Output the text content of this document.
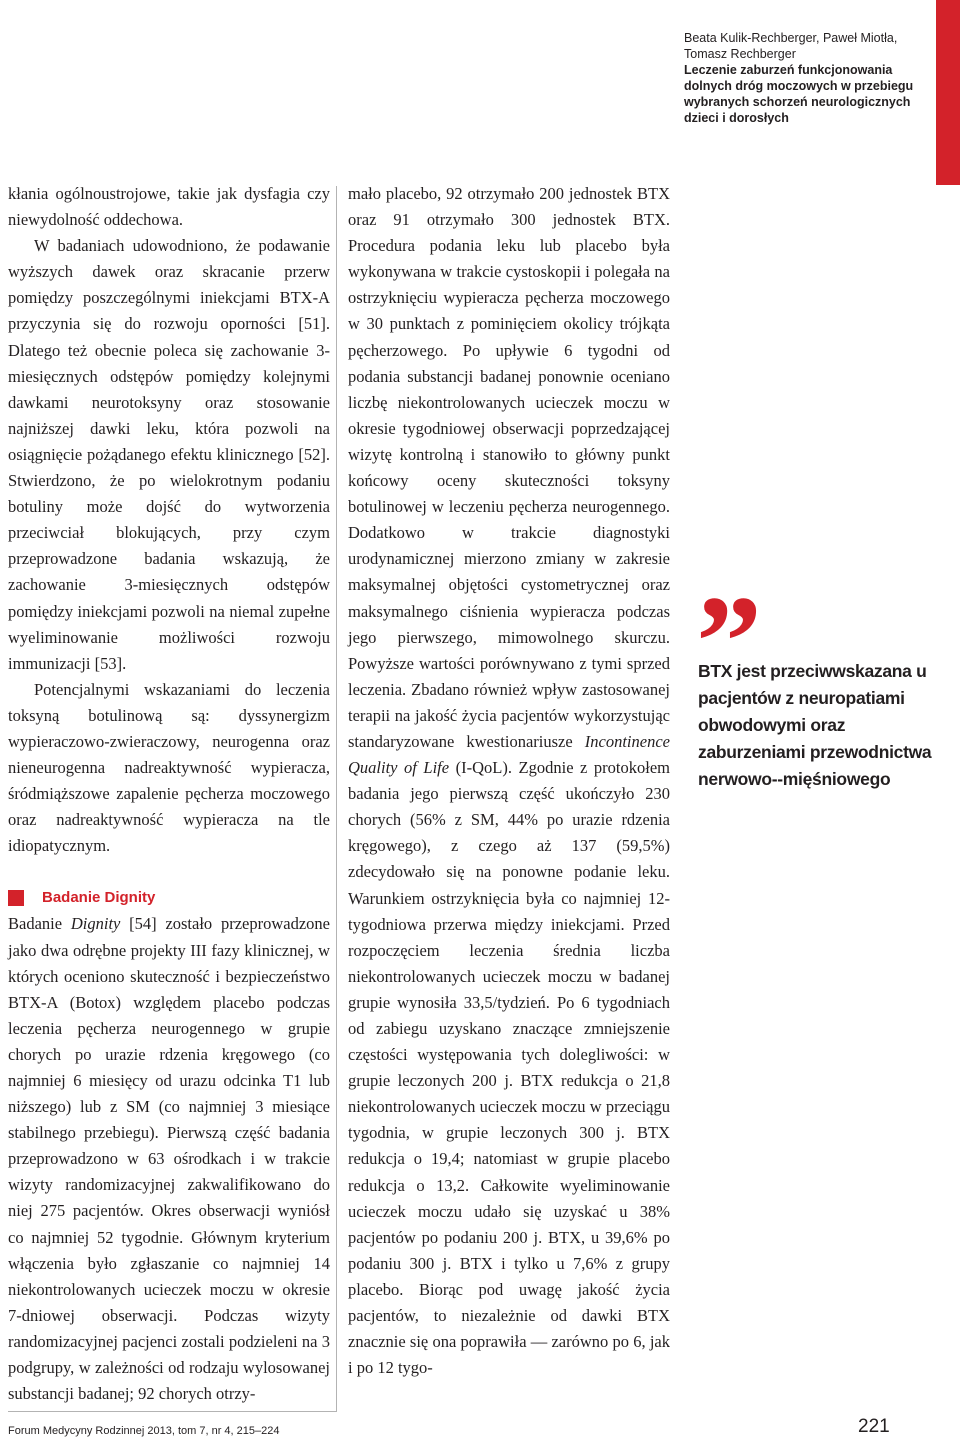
Beata Kulik-Rechberger, Paweł Miotła,
Tomasz Rechberger
Leczenie zaburzeń funkcjonowania
dolnych dróg moczowych w przebiegu
wybranych schorzeń neurologicznych
dzieci i dorosłych

kłania ogólnoustrojowe, takie jak dysfagia czy niewydolność oddechowa.

W badaniach udowodniono, że podawanie wyższych dawek oraz skracanie przerw pomiędzy poszczególnymi iniekcjami BTX-A przyczynia się do rozwoju oporności [51]. Dlatego też obecnie poleca się zachowanie 3-miesięcznych odstępów pomiędzy kolejnymi dawkami neurotoksyny oraz stosowanie najniższej dawki leku, która pozwoli na osiągnięcie pożądanego efektu klinicznego [52]. Stwierdzono, że po wielokrotnym podaniu botuliny może dojść do wytworzenia przeciwciał blokujących, przy czym przeprowadzone badania wskazują, że zachowanie 3-miesięcznych odstępów pomiędzy iniekcjami pozwoli na niemal zupełne wyeliminowanie możliwości rozwoju immunizacji [53].

Potencjalnymi wskazaniami do leczenia toksyną botulinową są: dyssynergizm wypieraczowo-zwieraczowy, neurogenna oraz nieneurogenna nadreaktywność wypieracza, śródmiąższowe zapalenie pęcherza moczowego oraz nadreaktywność wypieracza na tle idiopatycznym.

Badanie Dignity

Badanie Dignity [54] zostało przeprowadzone jako dwa odrębne projekty III fazy klinicznej, w których oceniono skuteczność i bezpieczeństwo BTX-A (Botox) względem placebo podczas leczenia pęcherza neurogennego w grupie chorych po urazie rdzenia kręgowego (co najmniej 6 miesięcy od urazu odcinka T1 lub niższego) lub z SM (co najmniej 3 miesiące stabilnego przebiegu). Pierwszą część badania przeprowadzono w 63 ośrodkach i w trakcie wizyty randomizacyjnej zakwalifikowano do niej 275 pacjentów. Okres obserwacji wyniósł co najmniej 52 tygodnie. Głównym kryterium włączenia było zgłaszanie co najmniej 14 niekontrolowanych ucieczek moczu w okresie 7-dniowej obserwacji. Podczas wizyty randomizacyjnej pacjenci zostali podzieleni na 3 podgrupy, w zależności od rodzaju wylosowanej substancji badanej; 92 chorych otrzy-

mało placebo, 92 otrzymało 200 jednostek BTX oraz 91 otrzymało 300 jednostek BTX. Procedura podania leku lub placebo była wykonywana w trakcie cystoskopii i polegała na ostrzyknięciu wypieracza pęcherza moczowego w 30 punktach z pominięciem okolicy trójkąta pęcherzowego. Po upływie 6 tygodni od podania substancji badanej ponownie oceniano liczbę niekontrolowanych ucieczek moczu w okresie tygodniowej obserwacji poprzedzającej wizytę kontrolną i stanowiło to główny punkt końcowy oceny skuteczności toksyny botulinowej w leczeniu pęcherza neurogennego. Dodatkowo w trakcie diagnostyki urodynamicznej mierzono zmiany w zakresie maksymalnej objętości cystometrycznej oraz maksymalnego ciśnienia wypieracza podczas jego pierwszego, mimowolnego skurczu. Powyższe wartości porównywano z tymi sprzed leczenia. Zbadano również wpływ zastosowanej terapii na jakość życia pacjentów wykorzystując standaryzowane kwestionariusze Incontinence Quality of Life (I-QoL). Zgodnie z protokołem badania jego pierwszą część ukończyło 230 chorych (56% z SM, 44% po urazie rdzenia kręgowego), z czego aż 137 (59,5%) zdecydowało się na ponowne podanie leku. Warunkiem ostrzyknięcia była co najmniej 12-tygodniowa przerwa między iniekcjami. Przed rozpoczęciem leczenia średnia liczba niekontrolowanych ucieczek moczu w badanej grupie wynosiła 33,5/tydzień. Po 6 tygodniach od zabiegu uzyskano znaczące zmniejszenie częstości występowania tych dolegliwości: w grupie leczonych 200 j. BTX redukcja o 21,8 niekontrolowanych ucieczek moczu w przeciągu tygodnia, w grupie leczonych 300 j. BTX redukcja o 19,4; natomiast w grupie placebo redukcja o 13,2. Całkowite wyeliminowanie ucieczek moczu udało się uzyskać u 38% pacjentów po podaniu 200 j. BTX, u 39,6% po podaniu 300 j. BTX i tylko u 7,6% z grupy placebo. Biorąc pod uwagę jakość życia pacjentów, to niezależnie od dawki BTX znacznie się ona poprawiła — zarówno po 6, jak i po 12 tygo-

BTX jest przeciwwskazana u pacjentów z neuropatiami obwodowymi oraz zaburzeniami przewodnictwa nerwowo--mięśniowego
Forum Medycyny Rodzinnej 2013, tom 7, nr 4, 215–224	221
